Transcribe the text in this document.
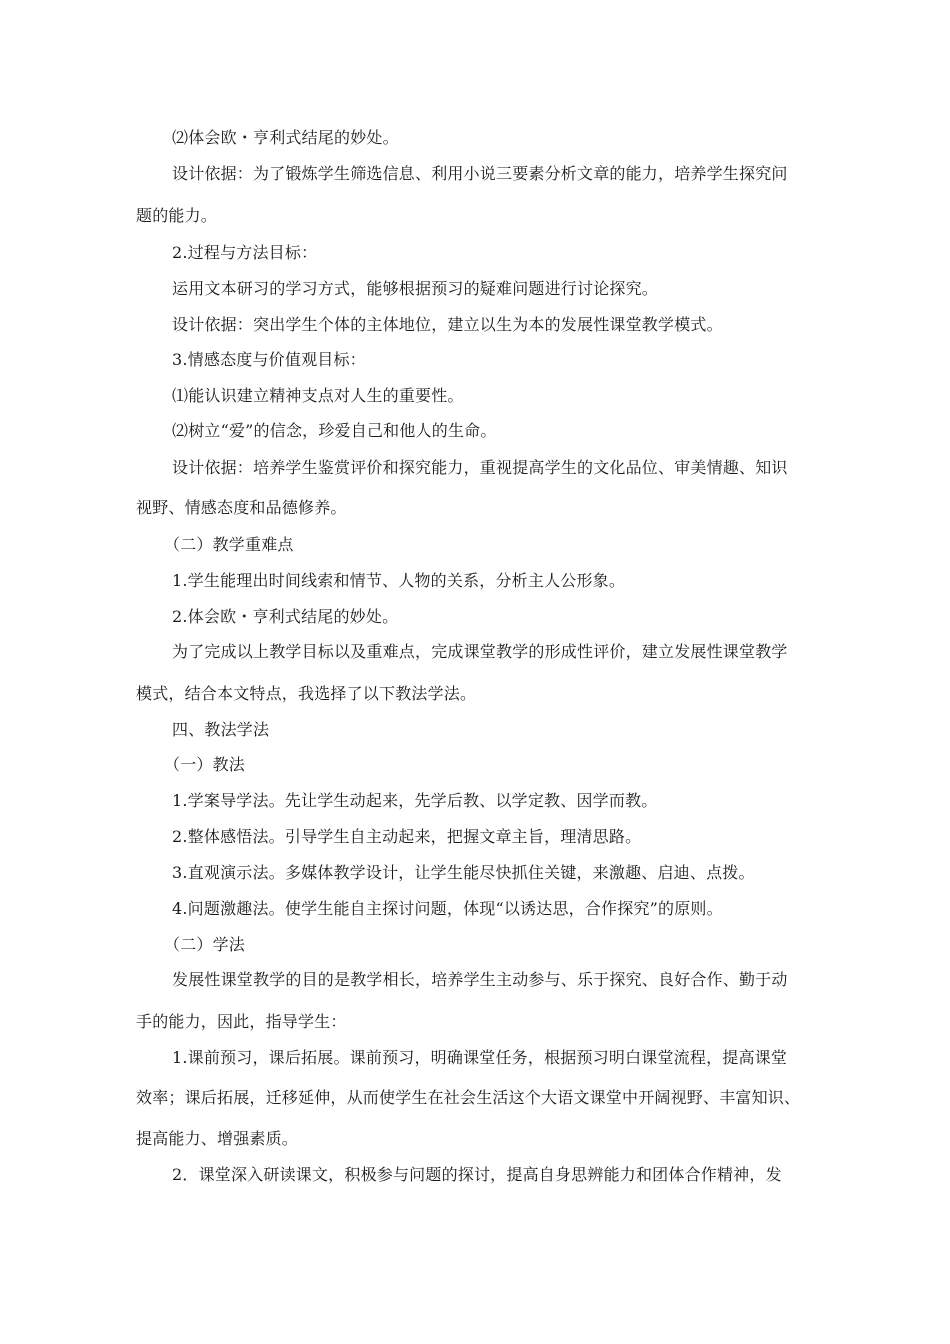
⑵体会欧・亨利式结尾的妙处。
设计依据：为了锻炼学生筛选信息、利用小说三要素分析文章的能力，培养学生探究问
题的能力。
2.过程与方法目标：
运用文本研习的学习方式，能够根据预习的疑难问题进行讨论探究。
设计依据：突出学生个体的主体地位，建立以生为本的发展性课堂教学模式。
3.情感态度与价值观目标：
⑴能认识建立精神支点对人生的重要性。
⑵树立“爱”的信念，珍爱自己和他人的生命。
设计依据：培养学生鉴赏评价和探究能力，重视提高学生的文化品位、审美情趣、知识
视野、情感态度和品德修养。
（二）教学重难点
1.学生能理出时间线索和情节、人物的关系，分析主人公形象。
2.体会欧・亨利式结尾的妙处。
为了完成以上教学目标以及重难点，完成课堂教学的形成性评价，建立发展性课堂教学
模式，结合本文特点，我选择了以下教法学法。
四、教法学法
（一）教法
1.学案导学法。先让学生动起来，先学后教、以学定教、因学而教。
2.整体感悟法。引导学生自主动起来，把握文章主旨，理清思路。
3.直观演示法。多媒体教学设计，让学生能尽快抓住关键，来激趣、启迪、点拨。
4.问题激趣法。使学生能自主探讨问题，体现“以诱达思，合作探究”的原则。
（二）学法
发展性课堂教学的目的是教学相长，培养学生主动参与、乐于探究、良好合作、勤于动
手的能力，因此，指导学生：
1.课前预习，课后拓展。课前预习，明确课堂任务，根据预习明白课堂流程，提高课堂
效率；课后拓展，迁移延伸，从而使学生在社会生活这个大语文课堂中开阔视野、丰富知识、
提高能力、增强素质。
2．课堂深入研读课文，积极参与问题的探讨，提高自身思辨能力和团体合作精神，发
